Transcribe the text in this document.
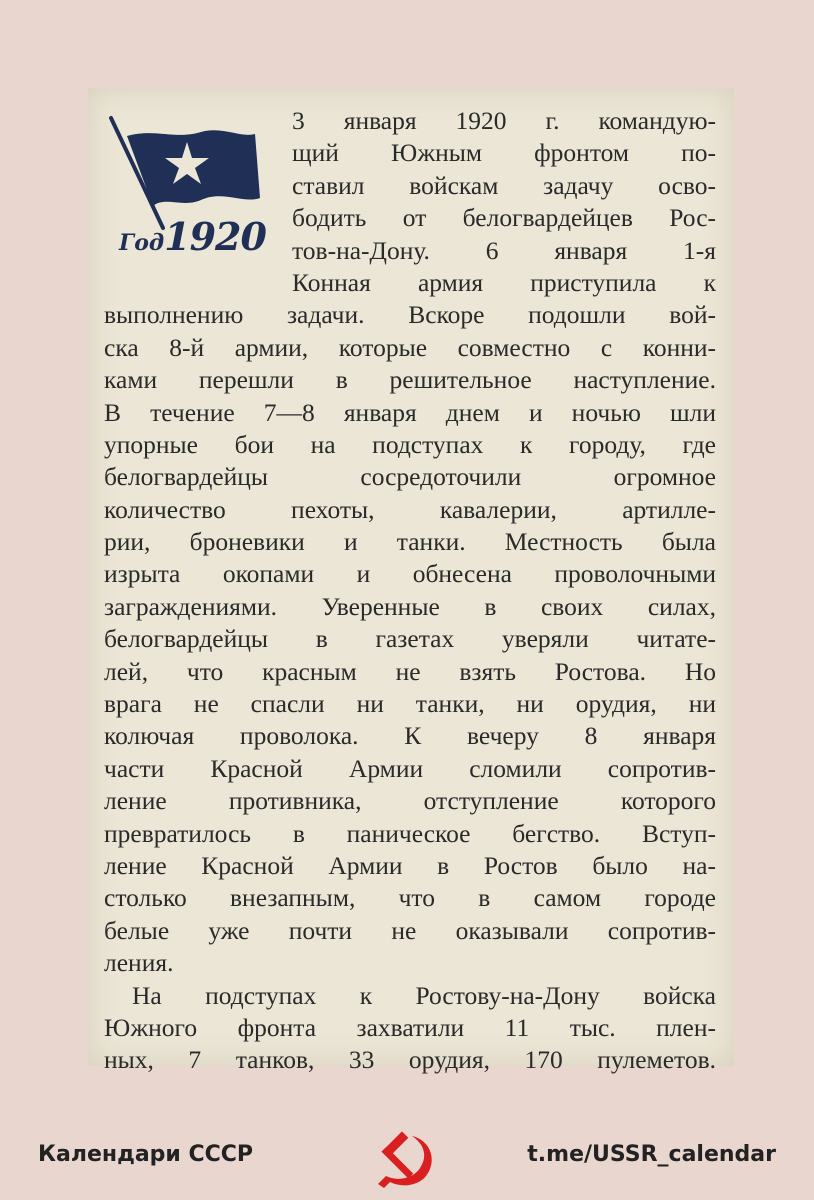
Год1920
3 января 1920 г. командую-
щий Южным фронтом по-
ставил войскам задачу осво-
бодить от белогвардейцев Рос-
тов-на-Дону. 6 января 1-я
Конная армия приступила к
выполнению задачи. Вскоре подошли вой-
ска 8-й армии, которые совместно с конни-
ками перешли в решительное наступление.
В течение 7—8 января днем и ночью шли
упорные бои на подступах к городу, где
белогвардейцы сосредоточили огромное
количество пехоты, кавалерии, артилле-
рии, броневики и танки. Местность была
изрыта окопами и обнесена проволочными
заграждениями. Уверенные в своих силах,
белогвардейцы в газетах уверяли читате-
лей, что красным не взять Ростова. Но
врага не спасли ни танки, ни орудия, ни
колючая проволока. К вечеру 8 января
части Красной Армии сломили сопротив-
ление противника, отступление которого
превратилось в паническое бегство. Вступ-
ление Красной Армии в Ростов было на-
столько внезапным, что в самом городе
белые уже почти не оказывали сопротив-
ления.
На подступах к Ростову-на-Дону войска
Южного фронта захватили 11 тыс. плен-
ных, 7 танков, 33 орудия, 170 пулеметов.
Календари СССР	t.me/USSR_calendar
